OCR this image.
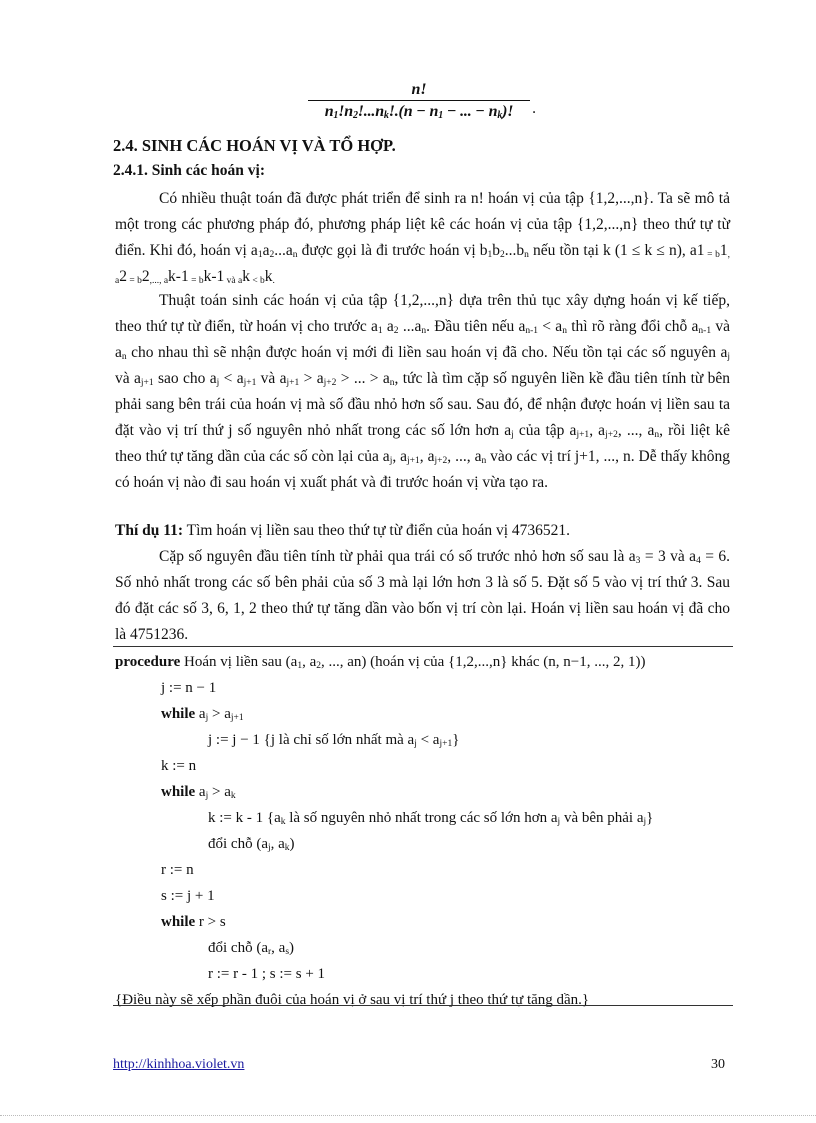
n!
$n_1!n_2!...n_k!.(n - n_1$ − ... − $n_k$)!	.
2.4. SINH CÁC HOÁN VỊ VÀ TỔ HỢP.
2.4.1. Sinh các hoán vị:

Có nhiều thuật toán đã được phát triển để sinh ra n! hoán vị của tập {1,2,...,n}. Ta sẽ mô tả một trong các phương pháp đó, phương pháp liệt kê các hoán vị của tập {1,2,...,n} theo thứ tự từ điển. Khi đó, hoán vị $a_1a_2...a_n$ được gọi là đi trước hoán vị $b_1b_2...b_n$ nếu tồn tại k (1 ≤ k ≤ n), a1 $_{= b}1_{, a}2$ $_{= b}2_{,..., a}k-1$ $_{= b}$k-1 $_{và a}$k $_{< b}k_.$

Thuật toán sinh các hoán vị của tập {1,2,...,n} dựa trên thủ tục xây dựng hoán vị kế tiếp, theo thứ tự từ điển, từ hoán vị cho trước $a_1$ $a_2$ $...a_n$. Đầu tiên nếu $a_{n-1} < a_n$ thì rõ ràng đổi chỗ $a_{n-1}$ và $a_n$ cho nhau thì sẽ nhận được hoán vị mới đi liền sau hoán vị đã cho. Nếu tồn tại các số nguyên $a_j$ và $a_{j+1}$ sao cho $a_j < a_{j+1}$ và $a_{j+1} > a_{j+2}$ > ... > $a_n$, tức là tìm cặp số nguyên liền kề đầu tiên tính từ bên phải sang bên trái của hoán vị mà số đầu nhỏ hơn số sau. Sau đó, để nhận được hoán vị liền sau ta đặt vào vị trí thứ j số nguyên nhỏ nhất trong các số lớn hơn $a_j$ của tập $a_{j+1}$, $a_{j+2}$, ..., $a_n$, rồi liệt kê theo thứ tự tăng dần của các số còn lại của $a_j$, $a_{j+1}$, $a_{j+2}$, ..., $a_n$ vào các vị trí j+1, ..., n. Dễ thấy không có hoán vị nào đi sau hoán vị xuất phát và đi trước hoán vị vừa tạo ra.

Thí dụ 11: Tìm hoán vị liền sau theo thứ tự từ điển của hoán vị 4736521.

Cặp số nguyên đầu tiên tính từ phải qua trái có số trước nhỏ hơn số sau là $a_3 = 3$ và $a_4 = 6$. Số nhỏ nhất trong các số bên phải của số 3 mà lại lớn hơn 3 là số 5. Đặt số 5 vào vị trí thứ 3. Sau đó đặt các số 3, 6, 1, 2 theo thứ tự tăng dần vào bốn vị trí còn lại. Hoán vị liền sau hoán vị đã cho là 4751236.

procedure Hoán vị liền sau ($a_1$, $a_2$, ..., an) (hoán vị của {1,2,...,n} khác (n, n−1, ..., 2, 1))
j := n − 1
while $a_j > a_{j+1}$
j := j − 1 {j là chỉ số lớn nhất mà $a_j < a_{j+1}$}
k := n
while $a_j > a_k$
k := k - 1 {$a_k$ là số nguyên nhỏ nhất trong các số lớn hơn $a_j$ và bên phải $a_j$}
đổi chỗ ($a_j$, $a_k$)
r := n
s := j + 1
while r > s
đổi chỗ ($a_r$, $a_s$)
r := r - 1 ; s := s + 1
{Điều này sẽ xếp phần đuôi của hoán vị ở sau vị trí thứ j theo thứ tự tăng dần.}
http://kinhhoa.violet.vn	30
